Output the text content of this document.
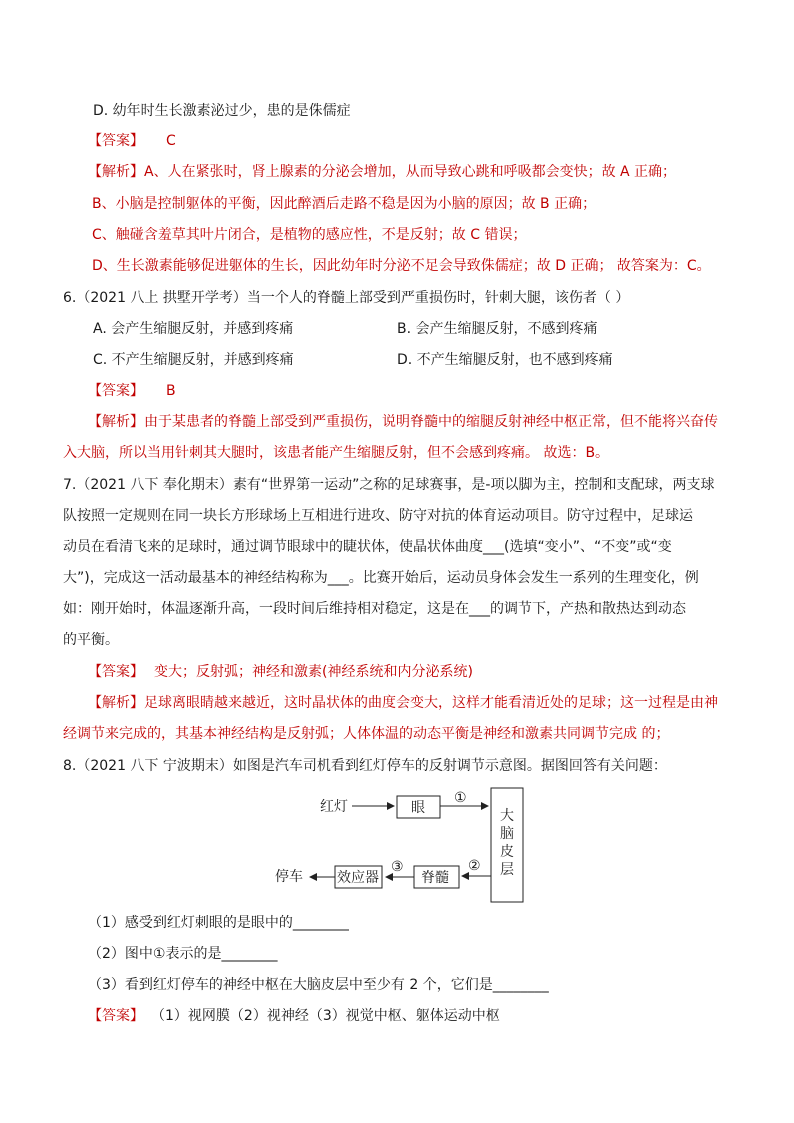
D. 幼年时生长激素泌过少，患的是侏儒症
【答案】 C
【解析】A、人在紧张时，肾上腺素的分泌会增加，从而导致心跳和呼吸都会变快；故 A 正确；
B、小脑是控制躯体的平衡，因此醉酒后走路不稳是因为小脑的原因；故 B 正确；
C、触碰含羞草其叶片闭合，是植物的感应性，不是反射；故 C 错误；
D、生长激素能够促进躯体的生长，因此幼年时分泌不足会导致侏儒症；故 D 正确； 故答案为：C。
6.（2021 八上 拱墅开学考）当一个人的脊髓上部受到严重损伤时，针刺大腿，该伤者（ ）
A. 会产生缩腿反射，并感到疼痛	B. 会产生缩腿反射，不感到疼痛
C. 不产生缩腿反射，并感到疼痛	D. 不产生缩腿反射，也不感到疼痛
【答案】 B
【解析】由于某患者的脊髓上部受到严重损伤，说明脊髓中的缩腿反射神经中枢正常，但不能将兴奋传
入大脑，所以当用针刺其大腿时，该患者能产生缩腿反射，但不会感到疼痛。 故选：B。
7.（2021 八下 奉化期末）素有“世界第一运动”之称的足球赛事，是-项以脚为主，控制和支配球，两支球
队按照一定规则在同一块长方形球场上互相进行进攻、防守对抗的体育运动项目。防守过程中，足球运
动员在看清飞来的足球时，通过调节眼球中的睫状体，使晶状体曲度___(选填“变小”、“不变”或“变
大”)，完成这一活动最基本的神经结构称为___。比赛开始后，运动员身体会发生一系列的生理变化，例
如：刚开始时，体温逐渐升高，一段时间后维持相对稳定，这是在___的调节下，产热和散热达到动态
的平衡。
【答案】 变大；反射弧；神经和激素(神经系统和内分泌系统)
【解析】足球离眼睛越来越近，这时晶状体的曲度会变大，这样才能看清近处的足球；这一过程是由神
经调节来完成的，其基本神经结构是反射弧；人体体温的动态平衡是神经和激素共同调节完成 的；
8.（2021 八下 宁波期末）如图是汽车司机看到红灯停车的反射调节示意图。据图回答有关问题：
红灯	眼
①
大
脑
皮
层
②
脊髓
③
效应器
停车
（1）感受到红灯刺眼的是眼中的________
（2）图中①表示的是________
（3）看到红灯停车的神经中枢在大脑皮层中至少有 2 个，它们是________
【答案】 （1）视网膜（2）视神经（3）视觉中枢、躯体运动中枢
